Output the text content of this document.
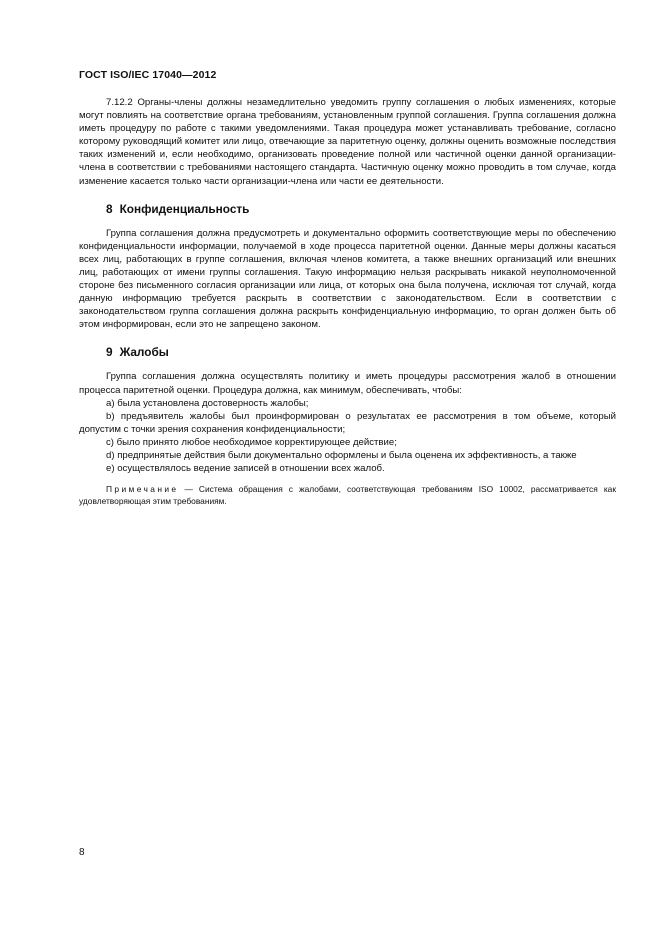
ГОСТ ISO/IEC 17040—2012

7.12.2 Органы-члены должны незамедлительно уведомить группу соглашения о любых изменениях, которые могут повлиять на соответствие органа требованиям, установленным группой соглашения. Группа соглашения должна иметь процедуру по работе с такими уведомлениями. Такая процедура может устанавливать требование, согласно которому руководящий комитет или лицо, отвечающие за паритетную оценку, должны оценить возможные последствия таких изменений и, если необходимо, организовать проведение полной или частичной оценки данной организации-члена в соответствии с требованиями настоящего стандарта. Частичную оценку можно проводить в том случае, когда изменение касается только части организации-члена или части ее деятельности.

8 Конфиденциальность

Группа соглашения должна предусмотреть и документально оформить соответствующие меры по обеспечению конфиденциальности информации, получаемой в ходе процесса паритетной оценки. Данные меры должны касаться всех лиц, работающих в группе соглашения, включая членов комитета, а также внешних организаций или внешних лиц, работающих от имени группы соглашения. Такую информацию нельзя раскрывать никакой неуполномоченной стороне без письменного согласия организации или лица, от которых она была получена, исключая тот случай, когда данную информацию требуется раскрыть в соответствии с законодательством. Если в соответствии с законодательством группа соглашения должна раскрыть конфиденциальную информацию, то орган должен быть об этом информирован, если это не запрещено законом.

9 Жалобы

Группа соглашения должна осуществлять политику и иметь процедуры рассмотрения жалоб в отношении процесса паритетной оценки. Процедура должна, как минимум, обеспечивать, чтобы:

a) была установлена достоверность жалобы;

b) предъявитель жалобы был проинформирован о результатах ее рассмотрения в том объеме, который допустим с точки зрения сохранения конфиденциальности;

c) было принято любое необходимое корректирующее действие;

d) предпринятые действия были документально оформлены и была оценена их эффективность, а также

e) осуществлялось ведение записей в отношении всех жалоб.

Примечание — Система обращения с жалобами, соответствующая требованиям ISO 10002, рассматривается как удовлетворяющая этим требованиям.

8
